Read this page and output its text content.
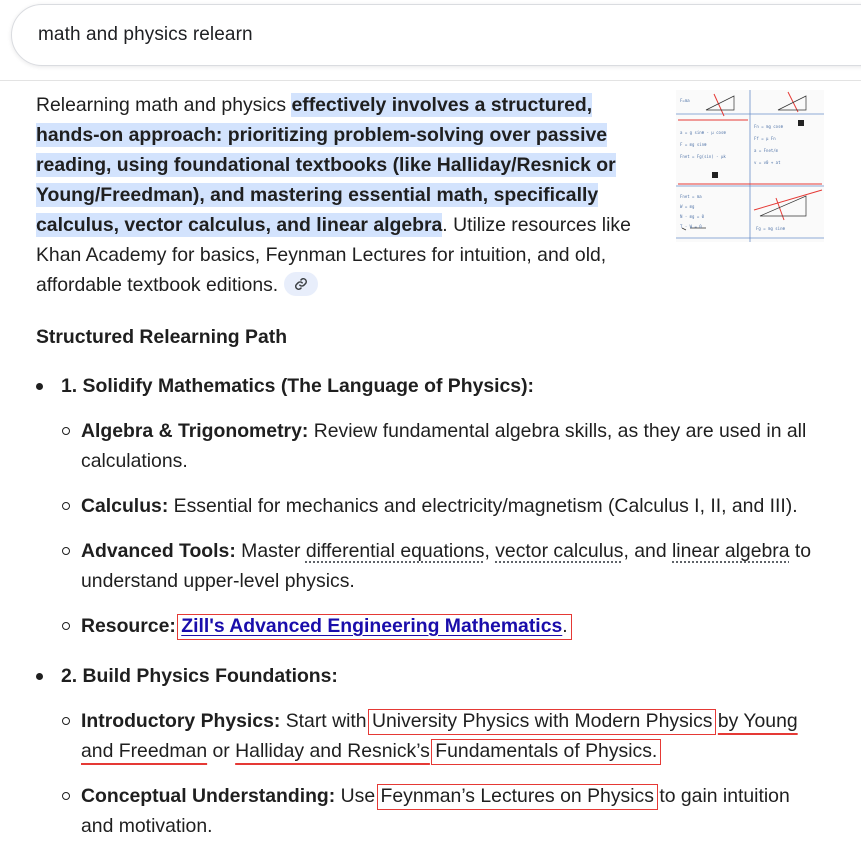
math and physics relearn
Relearning math and physics effectively involves a structured, hands-on approach: prioritizing problem-solving over passive reading, using foundational textbooks (like Halliday/Resnick or Young/Freedman), and mastering essential math, specifically calculus, vector calculus, and linear algebra. Utilize resources like Khan Academy for basics, Feynman Lectures for intuition, and old, affordable textbook editions.
F=ma
a = g sinθ - μ cosθ
F = mg sinθ
Fnet = Fg(sin) - μk
Fn = mg cosθ
Ff = μ Fn
a = Fnet/m
v = v0 + at
Fnet = ma
W = mg
N - mg = 0
T - W = 0	Fg = mg sinθ
Structured Relearning Path
1. Solidify Mathematics (The Language of Physics):
Algebra & Trigonometry: Review fundamental algebra skills, as they are used in all calculations.
Calculus: Essential for mechanics and electricity/magnetism (Calculus I, II, and III).
Advanced Tools: Master differential equations, vector calculus, and linear algebra to understand upper-level physics.
Resource: Zill's Advanced Engineering Mathematics.
2. Build Physics Foundations:
Introductory Physics: Start with University Physics with Modern Physics by Young and Freedman or Halliday and Resnick’s Fundamentals of Physics.
Conceptual Understanding: Use Feynman’s Lectures on Physics to gain intuition and motivation.
